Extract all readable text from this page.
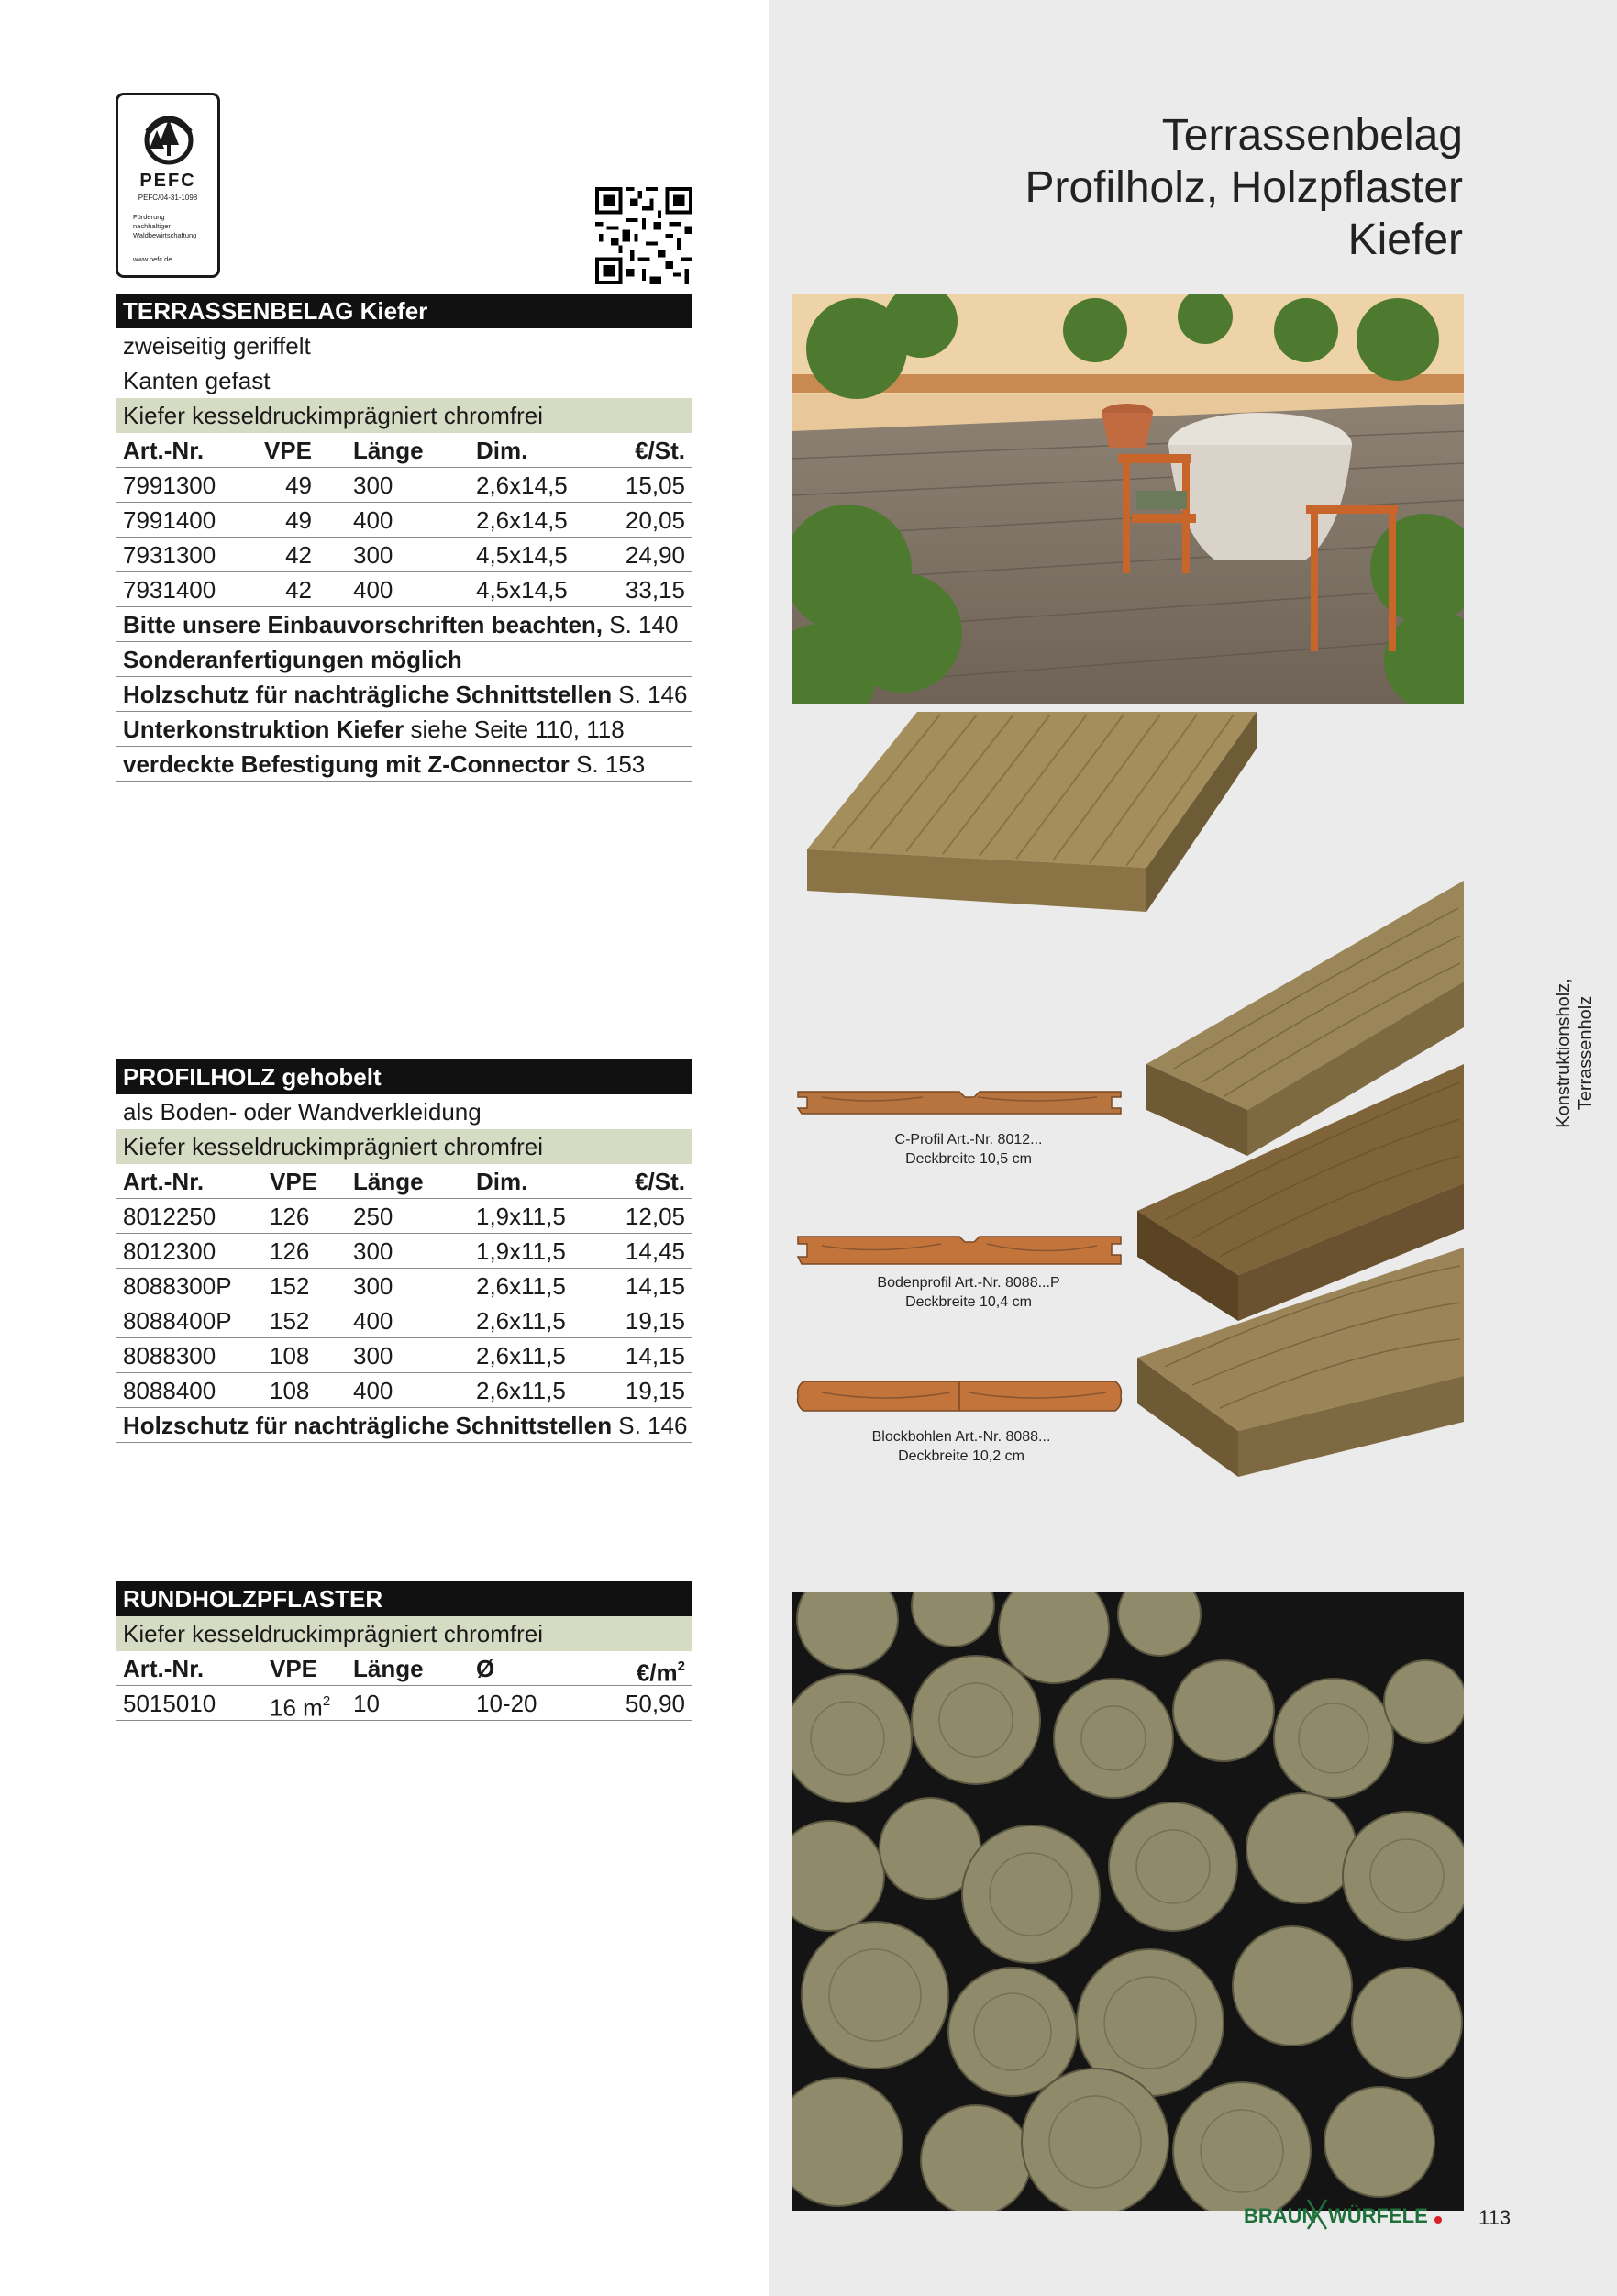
PEFC
PEFC/04-31-1098
Förderung
nachhaltiger
Waldbewirtschaftung
www.pefc.de
TERRASSENBELAG Kiefer
zweiseitig geriffelt
Kanten gefast
Kiefer kesseldruckimprägniert chromfrei
Art.-Nr.	VPE Länge Dim.	€/St.
7991300	49 300	2,6x14,5 15,05
7991400	49 400	2,6x14,5 20,05
7931300	42 300	4,5x14,5 24,90
7931400	42 400	4,5x14,5 33,15
Bitte unsere Einbauvorschriften beachten, S. 140
Sonderanfertigungen möglich
Holzschutz für nachträgliche Schnittstellen S. 146
Unterkonstruktion Kiefer siehe Seite 110, 118
verdeckte Befestigung mit Z-Connector S. 153
PROFILHOLZ gehobelt
als Boden- oder Wandverkleidung
Kiefer kesseldruckimprägniert chromfrei
Art.-Nr.	VPE Länge Dim.	€/St.
8012250 126 250	1,9x11,5	12,05
8012300 126 300	1,9x11,5	14,45
8088300P 152 300	2,6x11,5	14,15
8088400P 152 400	2,6x11,5	19,15
8088300 108 300	2,6x11,5	14,15
8088400 108 400	2,6x11,5	19,15
Holzschutz für nachträgliche Schnittstellen S. 146
RUNDHOLZPFLASTER
Kiefer kesseldruckimprägniert chromfrei
Art.-Nr.	VPE Länge Ø	$€/m^2$
5015010 16 $m^2$ 10	10-20	50,90
Terrassenbelag
Profilholz, Holzpflaster
Kiefer
C-Profil Art.-Nr. 8012...
Deckbreite 10,5 cm
Bodenprofil Art.-Nr. 8088...P
Deckbreite 10,4 cm
Blockbohlen Art.-Nr. 8088...
Deckbreite 10,2 cm
Konstruktionsholz, Terrassenholz
BRAUN WÜRFELE	113
